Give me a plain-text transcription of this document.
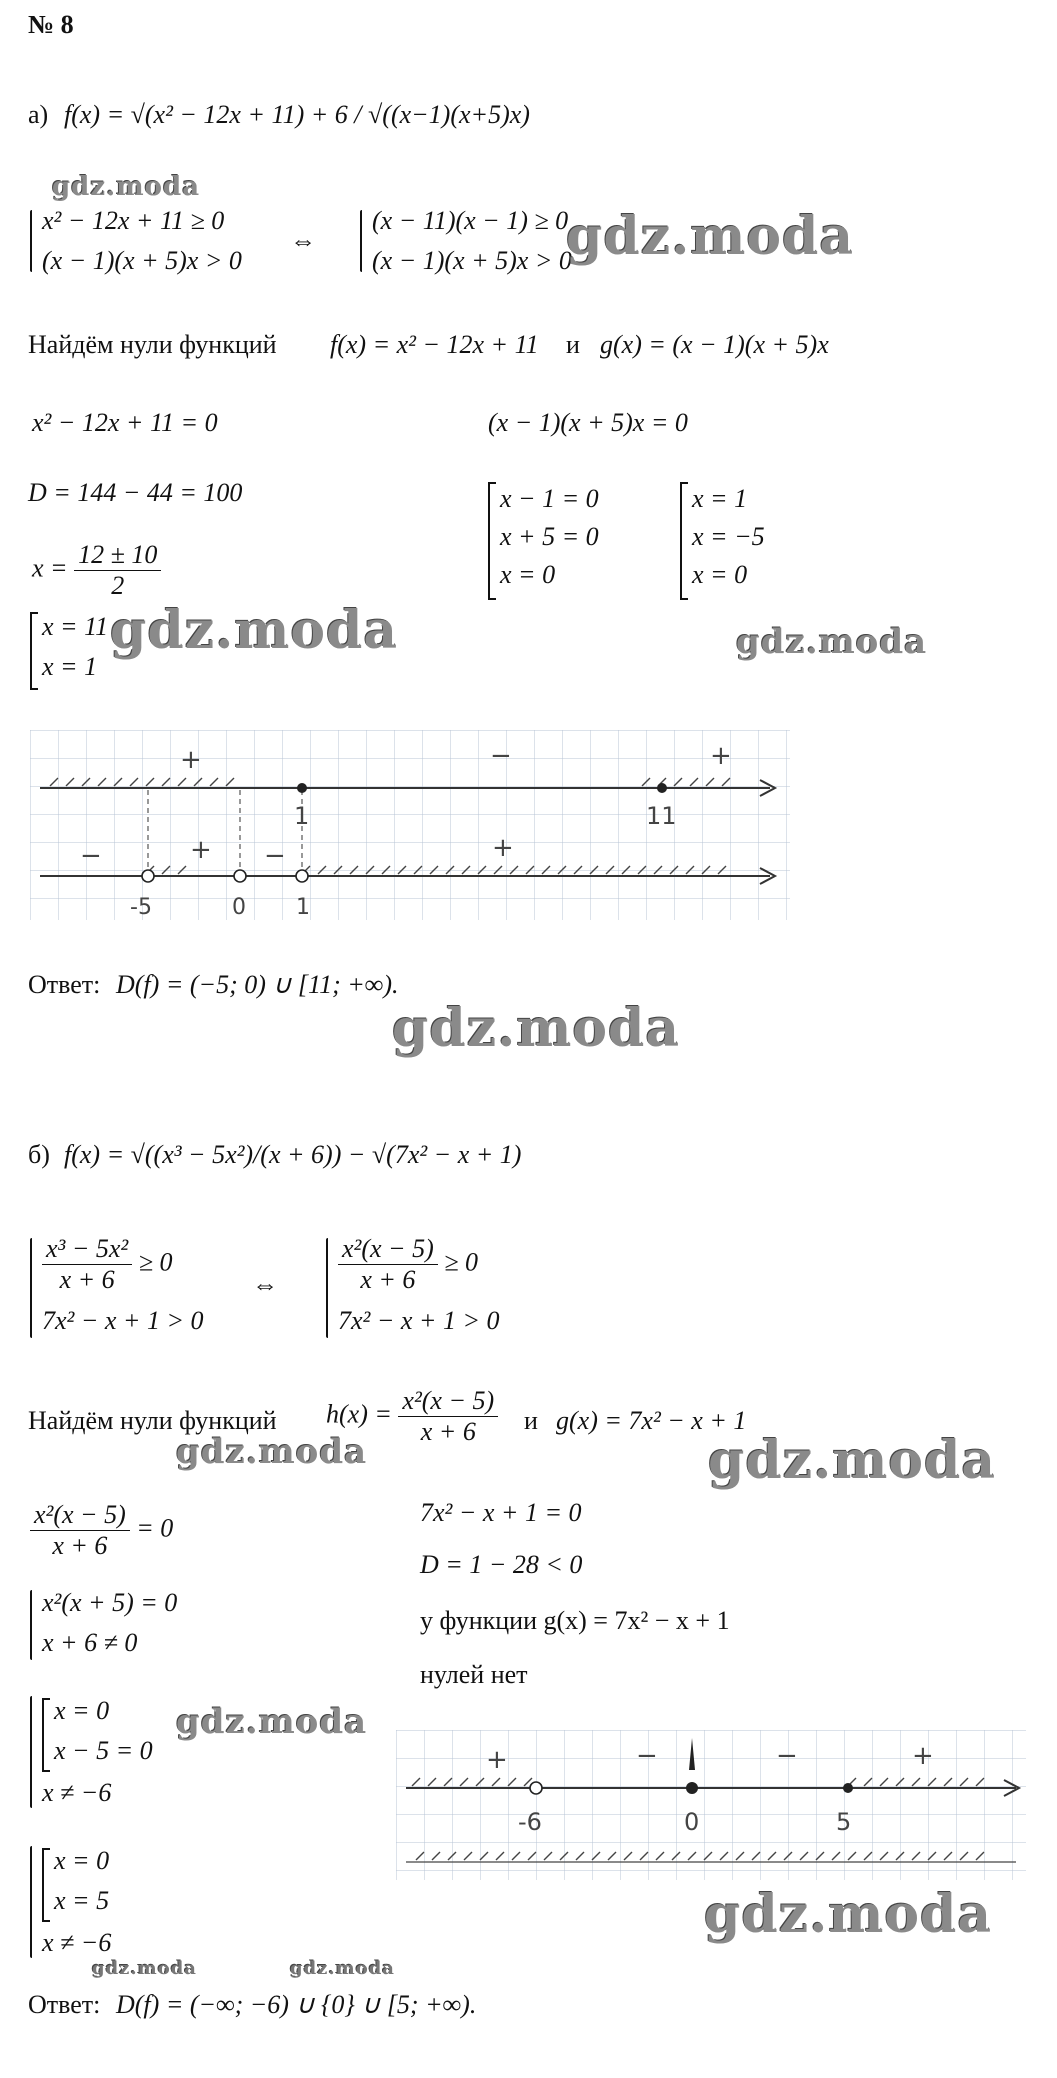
№ 8
а) f(x) = √(x² − 12x + 11) + 6 / √((x−1)(x+5)x)
x² − 12x + 11 ≥ 0
(x − 1)(x + 5)x > 0
⇔
(x − 11)(x − 1) ≥ 0
(x − 1)(x + 5)x > 0
Найдём нули функций f(x) = x² − 12x + 11 и g(x) = (x − 1)(x + 5)x
x² − 12x + 11 = 0	(x − 1)(x + 5)x = 0
D = 144 − 44 = 100
$x = \frac{12 \pm 10}{2}$
x = 11
x = 1
x − 1 = 0
x + 5 = 0
x = 0
x = 1
x = −5
x = 0
+	−	+
1	11
−	+ −	+
-5	0 1
Ответ: D(f) = (−5; 0) ∪ [11; +∞).
б) f(x) = √((x³ − 5x²)/(x + 6)) − √(7x² − x + 1)
$\frac{\text{x³ − 5x²}}{x + 6} \ge 0$
7x² − x + 1 > 0
⇔ $\frac{\text{x²(x − 5)}}{x + 6} \ge 0$
7x² − x + 1 > 0
Найдём нули функций $h(x) = \frac{\text{x²(x − 5)}}{x + 6}$ и g(x) = 7x² − x + 1
$\frac{\text{x²(x − 5)}}{x + 6} = 0$
x²(x + 5) = 0
x + 6 ≠ 0
x = 0
x − 5 = 0
x ≠ −6
x = 0
x = 5
x ≠ −6
7x² − x + 1 = 0
D = 1 − 28 < 0
у функции g(x) = 7x² − x + 1
нулей нет
+	−	−	+
-6	0	5
Ответ: D(f) = (−∞; −6) ∪ {0} ∪ [5; +∞).
gdz.moda
gdz.moda
gdz.moda	gdz.moda
gdz.moda
gdz.moda	gdz.moda
gdz.moda
gdz.moda
gdz.moda	gdz.moda
